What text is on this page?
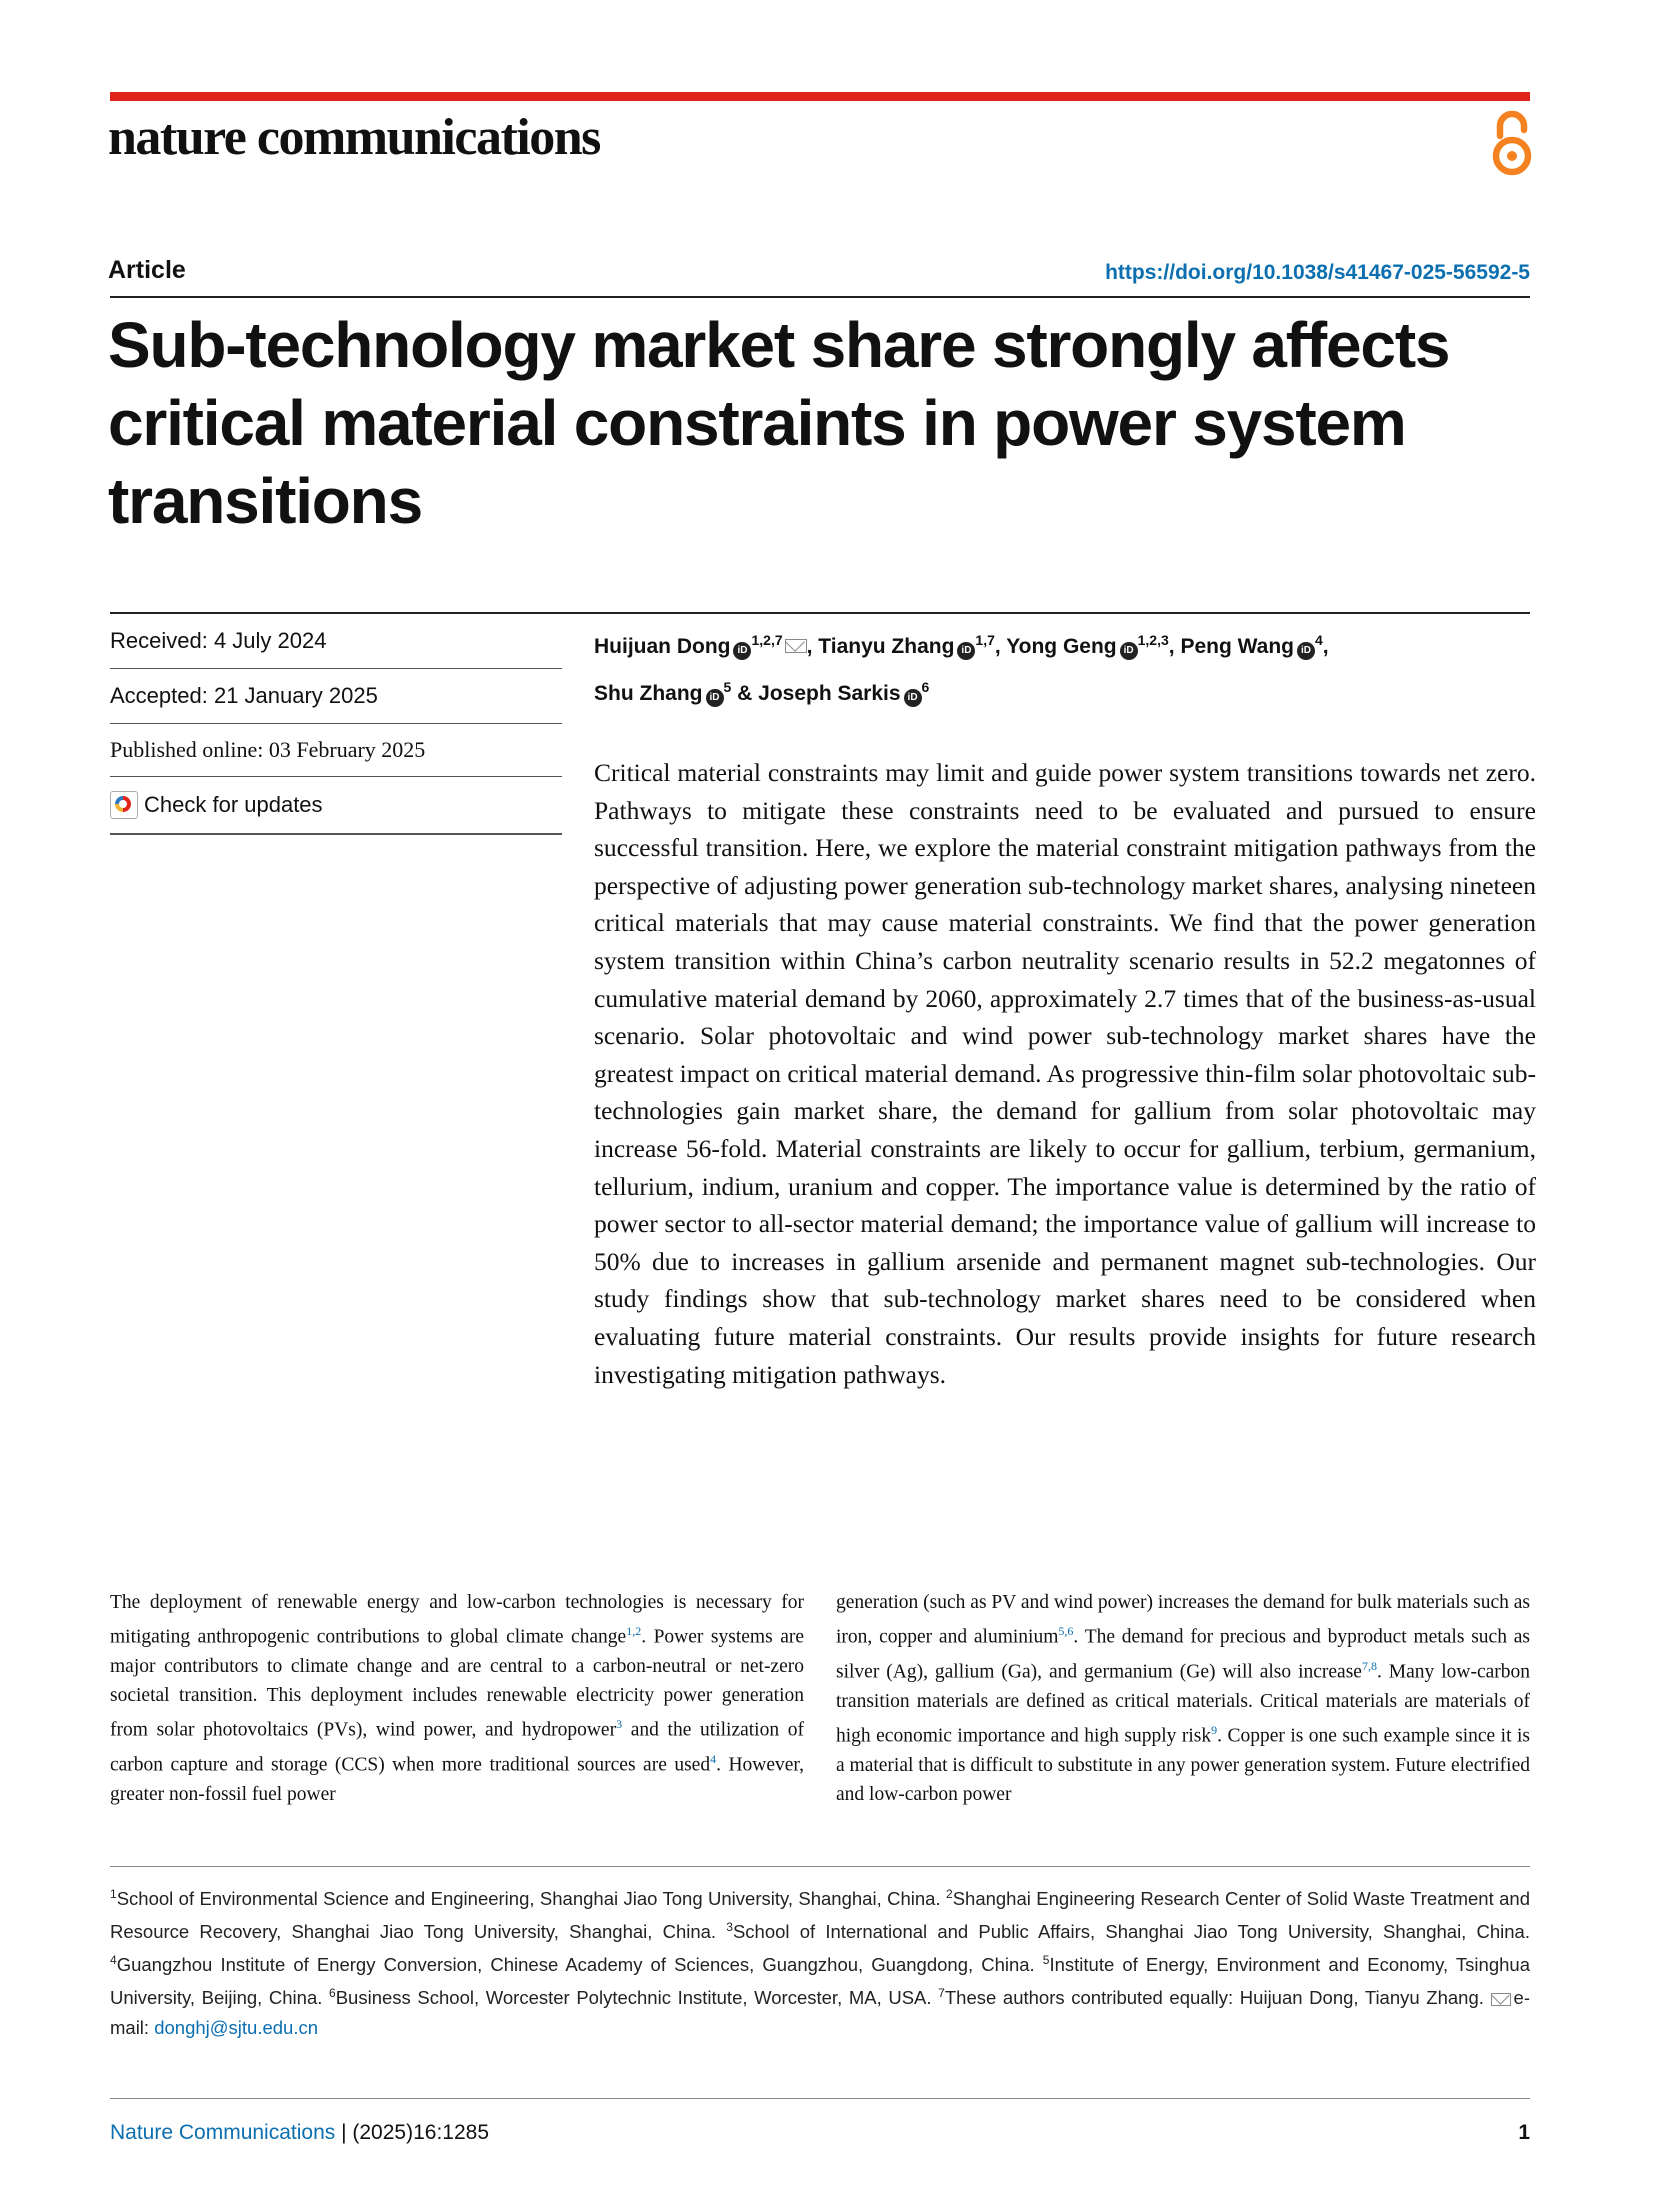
nature communications
Article	https://doi.org/10.1038/s41467-025-56592-5
Sub-technology market share strongly affects critical material constraints in power system transitions
Received: 4 July 2024
Accepted: 21 January 2025
Published online: 03 February 2025
Check for updates
Huijuan Dong iD$^{1,2,7}$ , Tianyu Zhang iD$^{1,7}$, Yong Geng iD$^{1,2,3}$, Peng Wang $iD^4$,
Shu Zhang $iD^5$ & Joseph Sarkis $iD^6$
Critical material constraints may limit and guide power system transitions towards net zero. Pathways to mitigate these constraints need to be evaluated and pursued to ensure successful transition. Here, we explore the material constraint mitigation pathways from the perspective of adjusting power generation sub-technology market shares, analysing nineteen critical materials that may cause material constraints. We find that the power generation system transition within China’s carbon neutrality scenario results in 52.2 megatonnes of cumulative material demand by 2060, approximately 2.7 times that of the business-as-usual scenario. Solar photovoltaic and wind power sub-technology market shares have the greatest impact on critical material demand. As progressive thin-film solar photovoltaic sub-technologies gain market share, the demand for gallium from solar photovoltaic may increase 56-fold. Material constraints are likely to occur for gallium, terbium, germanium, tellurium, indium, uranium and copper. The importance value is determined by the ratio of power sector to all-sector material demand; the importance value of gallium will increase to 50% due to increases in gallium arsenide and permanent magnet sub-technologies. Our study findings show that sub-technology market shares need to be considered when evaluating future material constraints. Our results provide insights for future research investigating mitigation pathways.
The deployment of renewable energy and low-carbon technologies is necessary for mitigating anthropogenic contributions to global climate change$^{1,2}$. Power systems are major contributors to climate change and are central to a carbon-neutral or net-zero societal transition. This deployment includes renewable electricity power generation from solar photovoltaics (PVs), wind power, and hydropower$^3$ and the utilization of carbon capture and storage (CCS) when more traditional sources are used$^4$. However, greater non-fossil fuel power
generation (such as PV and wind power) increases the demand for bulk materials such as iron, copper and aluminium$^{5,6}$. The demand for precious and byproduct metals such as silver (Ag), gallium (Ga), and germanium (Ge) will also increase$^{7,8}$. Many low-carbon transition materials are defined as critical materials. Critical materials are materials of high economic importance and high supply risk$^9$. Copper is one such example since it is a material that is difficult to substitute in any power generation system. Future electrified and low-carbon power
$^1$School of Environmental Science and Engineering, Shanghai Jiao Tong University, Shanghai, China. $^2$Shanghai Engineering Research Center of Solid Waste Treatment and Resource Recovery, Shanghai Jiao Tong University, Shanghai, China. $^3$School of International and Public Affairs, Shanghai Jiao Tong University, Shanghai, China. $^4$Guangzhou Institute of Energy Conversion, Chinese Academy of Sciences, Guangzhou, Guangdong, China. $^5$Institute of Energy, Environment and Economy, Tsinghua University, Beijing, China. $^6$Business School, Worcester Polytechnic Institute, Worcester, MA, USA. $^7$These authors contributed equally: Huijuan Dong, Tianyu Zhang. e-mail: donghj@sjtu.edu.cn
Nature Communications | (2025)16:1285	1
